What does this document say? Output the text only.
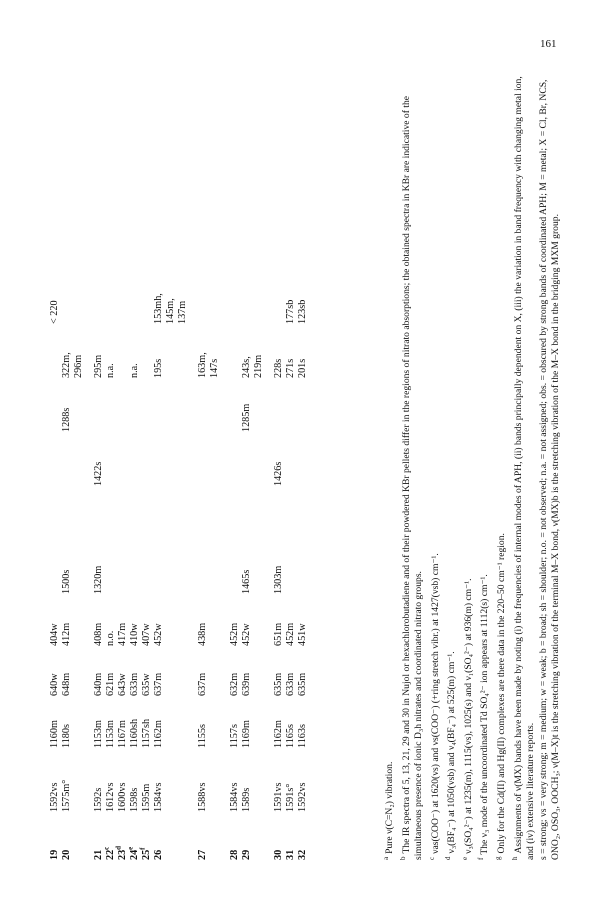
161
19	1592vs	1160m	640w	404w					< 220	
20	1575m°	1180s	648m	412m	1500s		1288s	322m,		
								296m		
21	1592s	1153m	640m	408m	1320m	1422s		295m		
22$^c$	1612vs	1153m	621m	n.o.				n.a.		
23$^d$	1600vs	1167m	643w	417m						
24e	1598s	1160sh	633m	410w				n.a.		
25$^f$	1595m	1157sh	635w	407w						
26	1584vs	1162m	637m	452w				195s	153mh,	
									145m,	
									137m	
27	1588vs	1155s	637m	438m				163m,		
								147s		
28	1584vs	1157s	632m	452m						
29	1589s	1169m	639m	452w	1465s		1285m	243s,		
								219m		
30	1591vs	1162m	635m	651m	1303m	1426s		228s		
31	1591s°	1165s	633m	452m				271s	177sb	
32	1592vs	1163s	635m	451w				201s	123sb	

$^a$Pure ν(C=N₂) vibration.

$^b$The IR spectra of 5, 13, 21, 29 and 30 in Nujol or hexachlorobutadiene and of their powdered KBr pellets differ in the regions of nitrato absorptions; the obtained spectra in KBr are indicative of the simultaneous presence of ionic D₃h nitrates and coordinated nitrato groups. $^c$νas(COO⁻) at 1620(vs) and νs(COO⁻) (+ring stretch vibr.) at 1427(vsb) cm⁻¹.

$^d$ν₃(BF₄⁻) at 1050(vsb) and ν₄(BF₄⁻) at 525(m) cm⁻¹.

$^e$ν₃(SO₄²⁻) at 1235(m), 1115(vs), 1025(s) and ν₁(SO₄²⁻) at 936(m) cm⁻¹.

$^f$The ν₃ mode of the uncoordinated Td SO₄²⁻ ion appears at 1112(s) cm⁻¹.

$^g$Only for the Cd(II) and Hg(II) complexes are there data in the 220–50 cm⁻¹ region.

$^h$Assignments of ν(MX) bands have been made by noting (i) the frequencies of internal modes of APH, (ii) bands principally dependent on X, (iii) the variation in band frequency with changing metal ion, and (iv) extensive literature reports. s = strong; vs = very strong; m = medium; w = weak; b = broad; sh = shoulder; n.o. = not observed; n.a. = not assigned; obs. = obscured by strong bands of coordinated APH; M = metal; X = Cl, Br, NCS, ONO₂, OSO₃, OOCH₃; ν(M–X)t is the stretching vibration of the terminal M–X bond, ν(MX)b is the stretching vibration of the M–X bond in the bridging MXM group.
